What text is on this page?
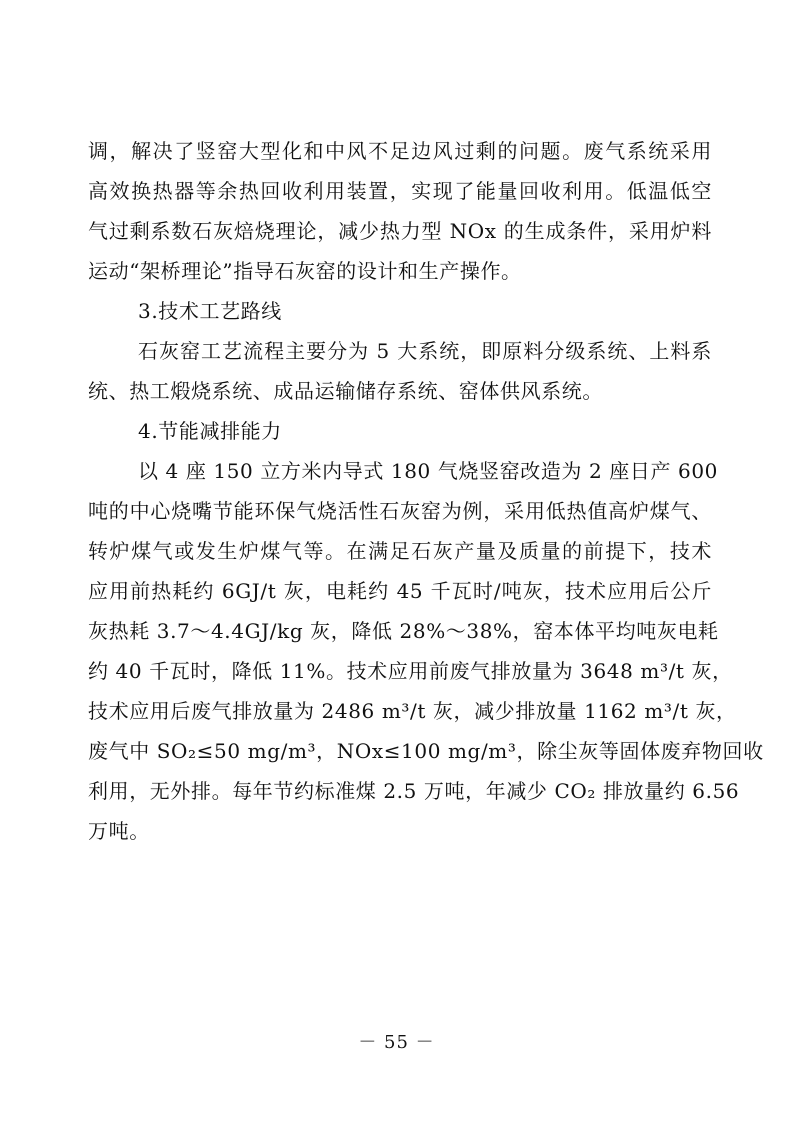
调，解决了竖窑大型化和中风不足边风过剩的问题。废气系统采用
高效换热器等余热回收利用装置，实现了能量回收利用。低温低空
气过剩系数石灰焙烧理论，减少热力型 NOx 的生成条件，采用炉料
运动“架桥理论”指导石灰窑的设计和生产操作。
3.技术工艺路线
石灰窑工艺流程主要分为 5 大系统，即原料分级系统、上料系
统、热工煅烧系统、成品运输储存系统、窑体供风系统。
4.节能减排能力
以 4 座 150 立方米内导式 180 气烧竖窑改造为 2 座日产 600
吨的中心烧嘴节能环保气烧活性石灰窑为例，采用低热值高炉煤气、
转炉煤气或发生炉煤气等。在满足石灰产量及质量的前提下，技术
应用前热耗约 6GJ/t 灰，电耗约 45 千瓦时/吨灰，技术应用后公斤
灰热耗 3.7～4.4GJ/kg 灰，降低 28%～38%，窑本体平均吨灰电耗
约 40 千瓦时，降低 11%。技术应用前废气排放量为 3648 m³/t 灰，
技术应用后废气排放量为 2486 m³/t 灰，减少排放量 1162 m³/t 灰，
废气中 SO₂≤50 mg/m³，NOx≤100 mg/m³，除尘灰等固体废弃物回收
利用，无外排。每年节约标准煤 2.5 万吨，年减少 CO₂ 排放量约 6.56
万吨。
－ 55 －
